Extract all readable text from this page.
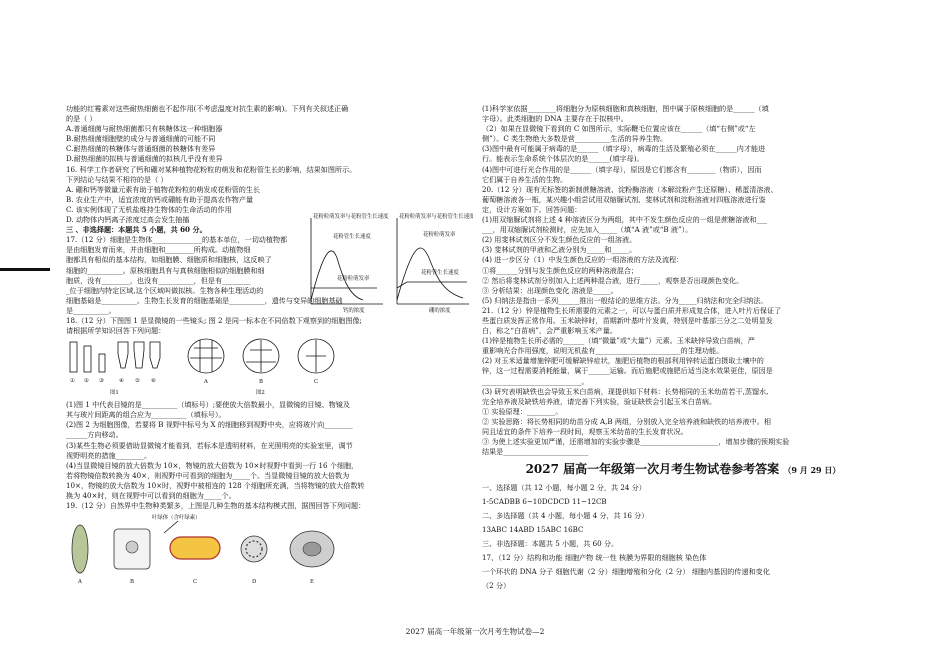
功能的红霉素对这些耐热细菌也不起作用(不考虑温度对抗生素的影响)。下列有关叙述正确

的是（ ）

A.普通细菌与耐热细菌都只有核糖体这一种细胞器

B.耐热细菌细胞壁的成分与普通细菌的可能不同

C.耐热细菌的核糖体与普通细菌的核糖体有差异

D.耐热细菌的拟核与普通细菌的拟核几乎没有差异

16. 科学工作者研究了钙和硼对某种植物花粉粒的萌发和花粉管生长的影响，结果如图所示。

下列结论与结果不相符的是（ ）

A. 硼和钙等微量元素有助于植物花粉粒的萌发或花粉管的生长

B. 农业生产中，适宜浓度的钙或硼能有助于提高农作物产量

C. 该实例体现了无机盐维持生物体的生命活动的作用

D. 动物体内钙离子浓度过高会发生抽搐

三 、非选择题：本题共 5 小题，共 60 分。

17.（12 分）细胞是生物体______________的基本单位，一切动植物都

是由细胞发育而来，并由细胞和________所构成。动植物细

胞都具有相似的基本结构，如细胞膜、细胞质和细胞核，这反映了

细胞的__________。原核细胞具有与真核细胞相似的细胞膜和细

胞质，没有________，也没有__________，但是有________

_位于细胞内特定区域,这个区域叫做拟核。生物各种生理活动的

细胞基础是__________。生物生长发育的细胞基础是__________，遗传与变异的细胞基础

是__________。

18.（12 分）下图图 1 是显微镜的一些镜头; 图 2 是同一标本在不同倍数下观察到的细胞图像;

请根据所学知识回答下列问题：

① ② ③	④ ⑤ ⑥
图1
A	B	C
图2

(1)图 1 中代表目镜的是__________（填标号）;要使放大倍数最小，显微镜的目镜、物镜及

其与玻片间距离的组合应为__________（填标号）。

(2)图 2 为细胞图像，若要将 B 视野中标号为 X 的细胞移到视野中央，应将玻片向________

______方向移动。

(3)某些生物必须要借助显微镜才能看到，若标本是透明材料，在光照明亮的实验室里，调节

视野明亮的措施________。

(4)当显微镜目镜的放大倍数为 10×，物镜的放大倍数为 10×时视野中看到一行 16 个细胞，

若将物镜倍数转换为 40×，则视野中可看到的细胞为_____个。当显微镜目镜的放大倍数为

10×，物镜的放大倍数为 10×时，视野中被相连的 128 个细胞所充满，当将物镜的放大倍数转

换为 40×时，则在视野中可以看到的细胞为_____个。

19.（12 分）自然界中生物种类繁多，上图是几种生物的基本结构模式图，据图回答下列问题：

叶绿体（含叶绿素）
A	B	C	D	E
花粉粒萌发率与花粉管生长速度
花粉管生长速度
花粉粒萌发率
钙的浓度
花粉粒萌发率与花粉管生长速度
花粉粒萌发率
花粉管生长速度
硼的浓度

(1)科学家依据________将细胞分为原核细胞和真核细胞，图中属于原核细胞的是______（填

字母）。此类细胞的 DNA 主要存在于拟核中。

（2）如果在显微镜下看到的 C 如图所示，实际鞭毛位置应该在______（填“右侧”或“左

侧”）。C 类生物绝大多数是营__________生活的异养生物。

(3)图中最有可能属于病毒的是______（填字母），病毒的生活及繁殖必须在______内才能进

行。能表示生命系统个体层次的是______(填字母)。

(4)图中可进行光合作用的是______（填字母），原因是它们都含有________（物质），因而

它们属于自养生活的生物。

20.（12 分）现有无标签的新制蔗糖溶液、淀粉酶溶液（本解淀粉产生还原糖）、稀蛋清溶液、

葡萄糖溶液各一瓶，某兴趣小组尝试用双缩脲试剂、斐林试剂和淀粉溶液对四瓶溶液进行鉴

定，设计方案如下。回答问题：

(1)用双缩脲试剂将上述 4 种溶液区分为两组，其中不发生颜色反应的一组是蔗糖溶液和___

___，用双缩脲试剂检测时，应先加入_____（填“A 液”或“B 液”）。

(2) 用斐林试剂区分不发生颜色反应的一组溶液。

(3) 斐林试剂的甲液和乙液分别为_____和_____。

(4) 进一步区分（1）中发生颜色反应的一组溶液的方法及流程：

①将______分别与发生颜色反应的两种溶液混合；

② 然后将斐林试剂分别加入上述两种混合液，进行_____，观察是否出现颜色变化。

③ 分析结果：出现颜色变化 溶液是_____。

(5) 归纳法是指由一系列______推出一般结论的思维方法。分为_____归纳法和完全归纳法。

21.（12 分）锌是植物生长所需要的元素之一，可以与蛋白质并形成复合体，进入叶片后保证了

些蛋白质发挥正常作用。玉米缺锌时，苗期新叶基叶片发黄，特别是叶基部三分之二处明显发

白，称之“白苗病”，会严重影响玉米产量。

(1)锌是植物生长所必需的______（填“微量”或“大量”）元素。玉米缺锌导致白苗病，严

重影响光合作用强度，说明无机盐有________________________的生理功能。

(2) 对玉米适量增施锌肥可缓解缺锌症状，施肥后植物的根部利用锌转运蛋白摄取土壤中的

锌，这一过程需要消耗能量，属于______运输。而后施肥或施肥后适当浇水效果更佳，原因是

____________________________。

(3) 研究表明缺铁也会导致玉米白苗病，现提供如下材料：长势相同的玉米幼苗若干,蒸馏水,

完全培养液及缺铁培养液，请完善下列实验，验证缺铁会引起玉米白苗病。

① 实验原理：________。

② 实验思路：将长势相同的幼苗分成 A,B 两组，分别放入完全培养液和缺铁的培养液中。相

同且适宜的条件下培养一段时间，观察玉米幼苗的生长发育状况。

③ 为使上述实验更加严谨，还需增加的实验步骤是______________________，增加步骤的预期实验

结果是________________________

2027 届高一年级第一次月考生物试卷参考答案 （9 月 29 日）

一、选择题（共 12 小题，每小题 2 分，共 24 分）

1-5CADBB 6~10DCDCD 11~12CB

二、多选择题（共 4 小题，每小题 4 分，共 16 分）

13ABC 14ABD 15ABC 16BC

三、非选择题：本题共 5 小题，共 60 分。

17、（12 分）结构和功能 细胞产物 统一性 核膜为界限的细胞核 染色体

一个环状的 DNA 分子 细胞代谢（2 分）细胞增殖和分化（2 分） 细胞内基因的传递和变化

（2 分）

2027 届高一年级第一次月考生物试卷—2
